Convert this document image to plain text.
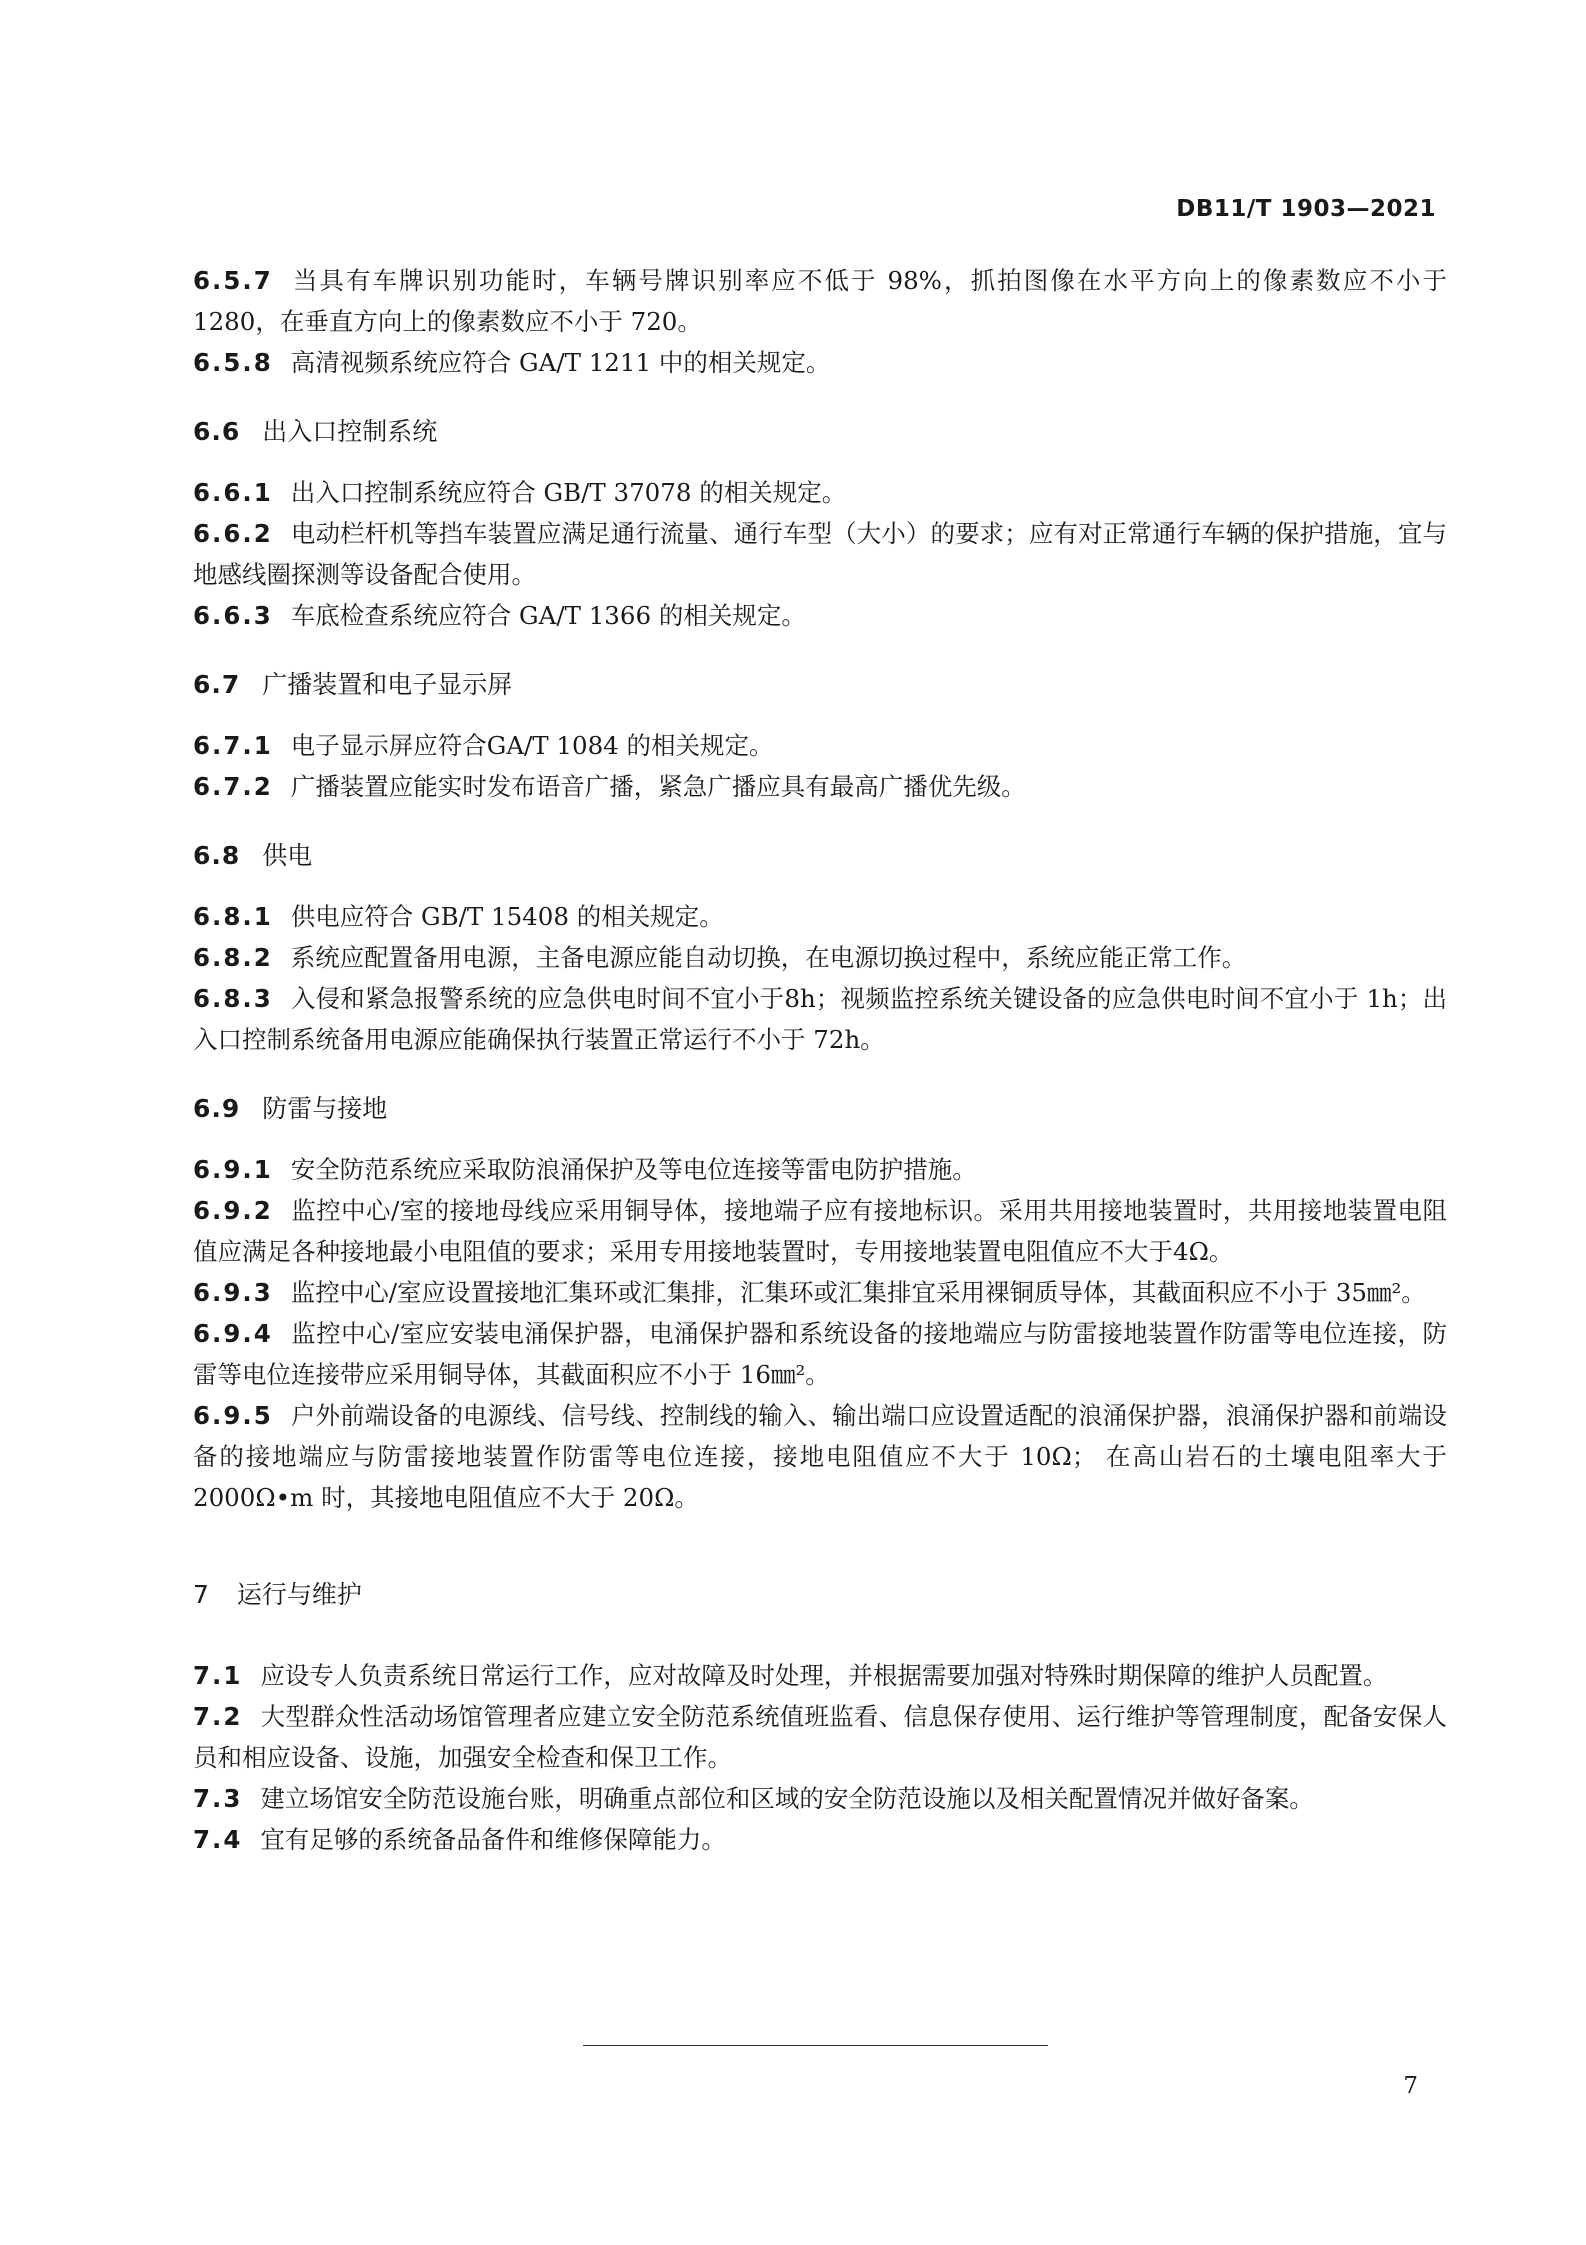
DB11/T 1903—2021

6.5.7 当具有车牌识别功能时，车辆号牌识别率应不低于 98%，抓拍图像在水平方向上的像素数应不小于 1280，在垂直方向上的像素数应不小于 720。

6.5.8 高清视频系统应符合 GA/T 1211 中的相关规定。

6.6 出入口控制系统

6.6.1 出入口控制系统应符合 GB/T 37078 的相关规定。

6.6.2 电动栏杆机等挡车装置应满足通行流量、通行车型（大小）的要求；应有对正常通行车辆的保护措施，宜与地感线圈探测等设备配合使用。

6.6.3 车底检查系统应符合 GA/T 1366 的相关规定。

6.7 广播装置和电子显示屏

6.7.1 电子显示屏应符合GA/T 1084 的相关规定。

6.7.2 广播装置应能实时发布语音广播，紧急广播应具有最高广播优先级。

6.8 供电

6.8.1 供电应符合 GB/T 15408 的相关规定。

6.8.2 系统应配置备用电源，主备电源应能自动切换，在电源切换过程中，系统应能正常工作。

6.8.3 入侵和紧急报警系统的应急供电时间不宜小于8h；视频监控系统关键设备的应急供电时间不宜小于 1h；出入口控制系统备用电源应能确保执行装置正常运行不小于 72h。

6.9 防雷与接地

6.9.1 安全防范系统应采取防浪涌保护及等电位连接等雷电防护措施。

6.9.2 监控中心/室的接地母线应采用铜导体，接地端子应有接地标识。采用共用接地装置时，共用接地装置电阻值应满足各种接地最小电阻值的要求；采用专用接地装置时，专用接地装置电阻值应不大于4Ω。

6.9.3 监控中心/室应设置接地汇集环或汇集排，汇集环或汇集排宜采用裸铜质导体，其截面积应不小于 35㎜²。

6.9.4 监控中心/室应安装电涌保护器，电涌保护器和系统设备的接地端应与防雷接地装置作防雷等电位连接，防雷等电位连接带应采用铜导体，其截面积应不小于 16㎜²。

6.9.5 户外前端设备的电源线、信号线、控制线的输入、输出端口应设置适配的浪涌保护器，浪涌保护器和前端设备的接地端应与防雷接地装置作防雷等电位连接，接地电阻值应不大于 10Ω； 在高山岩石的土壤电阻率大于 2000Ω•m 时，其接地电阻值应不大于 20Ω。

7 运行与维护

7.1 应设专人负责系统日常运行工作，应对故障及时处理，并根据需要加强对特殊时期保障的维护人员配置。

7.2 大型群众性活动场馆管理者应建立安全防范系统值班监看、信息保存使用、运行维护等管理制度，配备安保人员和相应设备、设施，加强安全检查和保卫工作。

7.3 建立场馆安全防范设施台账，明确重点部位和区域的安全防范设施以及相关配置情况并做好备案。

7.4 宜有足够的系统备品备件和维修保障能力。

7
